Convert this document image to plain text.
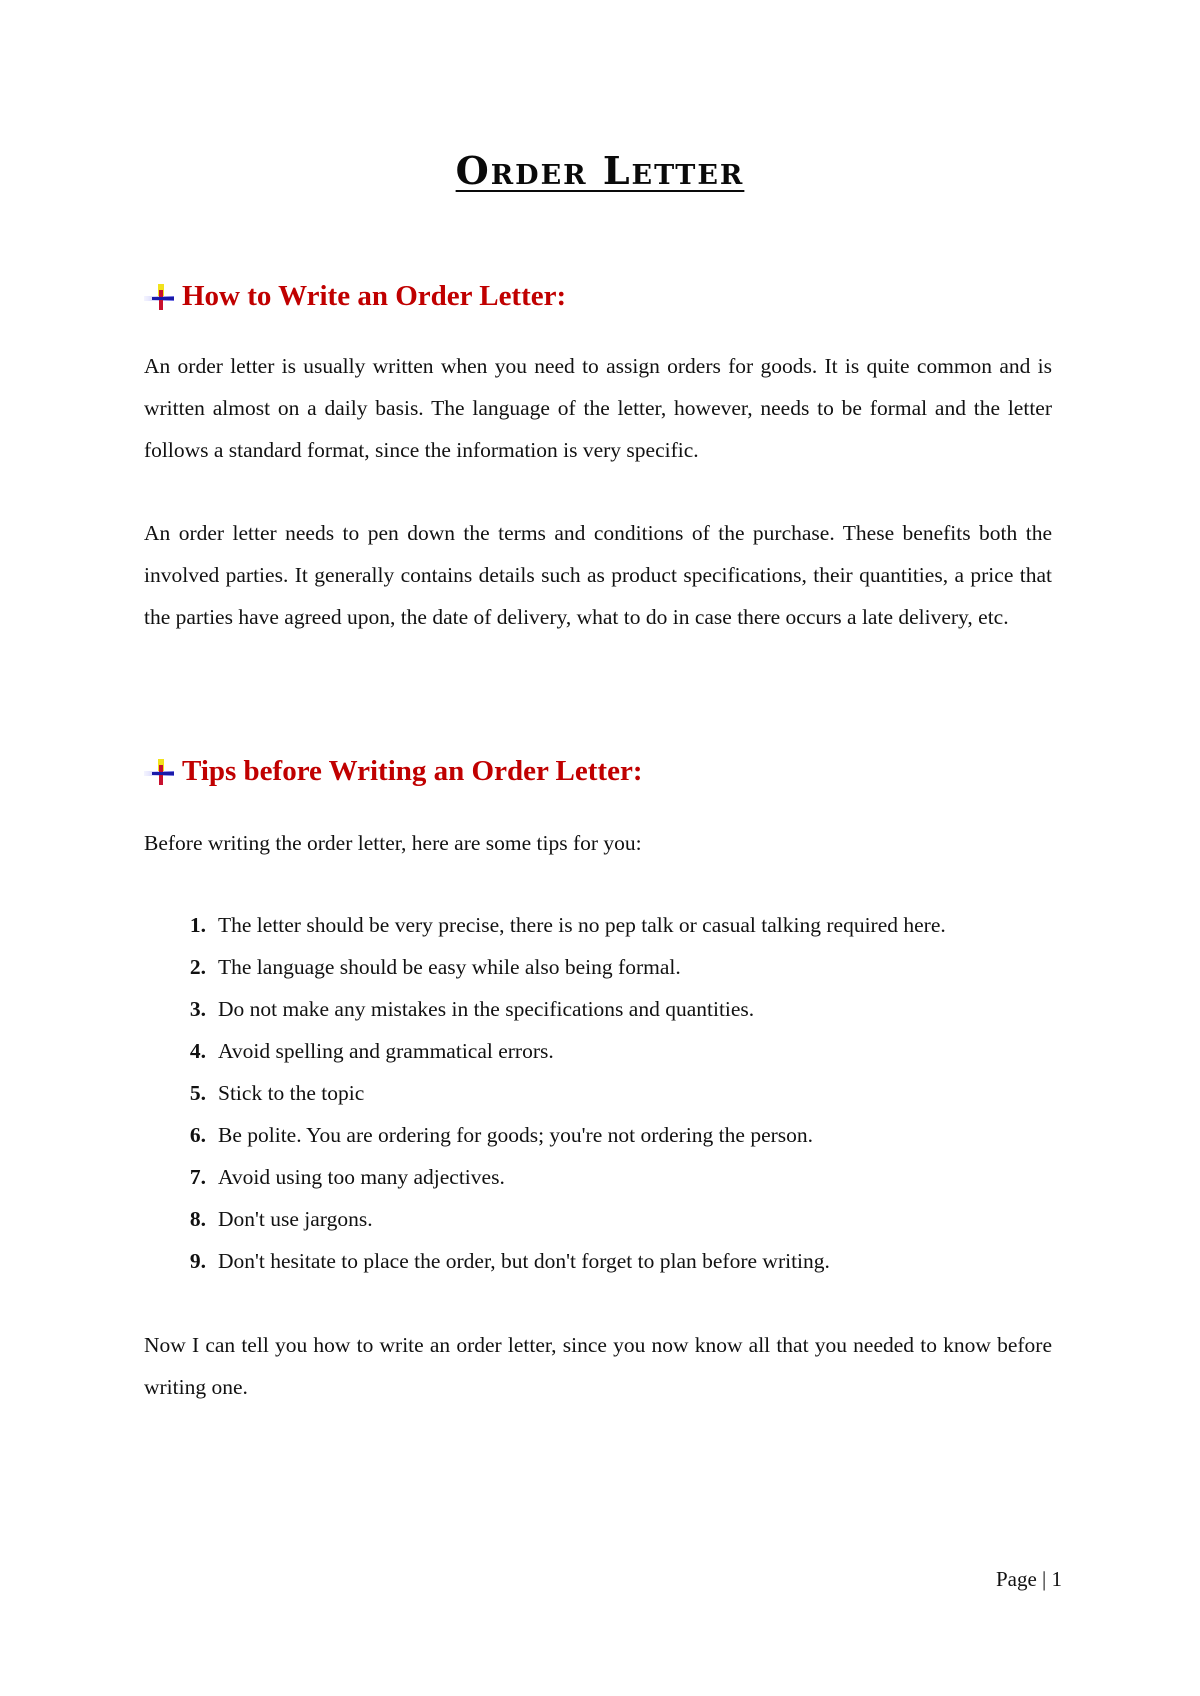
Order Letter
How to Write an Order Letter:

An order letter is usually written when you need to assign orders for goods. It is quite common and is written almost on a daily basis. The language of the letter, however, needs to be formal and the letter follows a standard format, since the information is very specific.

An order letter needs to pen down the terms and conditions of the purchase. These benefits both the involved parties. It generally contains details such as product specifications, their quantities, a price that the parties have agreed upon, the date of delivery, what to do in case there occurs a late delivery, etc.

Tips before Writing an Order Letter:

Before writing the order letter, here are some tips for you:

1. The letter should be very precise, there is no pep talk or casual talking required here.
2. The language should be easy while also being formal.
3. Do not make any mistakes in the specifications and quantities.
4. Avoid spelling and grammatical errors.
5. Stick to the topic
6. Be polite. You are ordering for goods; you're not ordering the person.
7. Avoid using too many adjectives.
8. Don't use jargons.
9. Don't hesitate to place the order, but don't forget to plan before writing.

Now I can tell you how to write an order letter, since you now know all that you needed to know before writing one.

Page | 1
